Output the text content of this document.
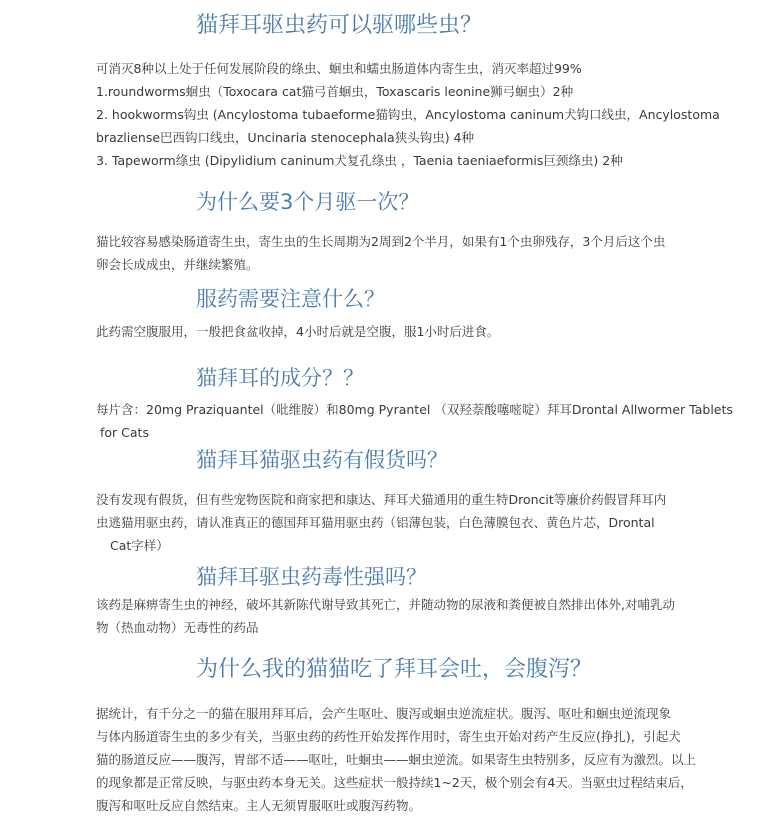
猫拜耳驱虫药可以驱哪些虫？
可消灭8种以上处于任何发展阶段的绦虫、蛔虫和蠕虫肠道体内寄生虫，消灭率超过99%
1.roundworms蛔虫（Toxocara cat猫弓首蛔虫，Toxascaris leonine狮弓蛔虫）2种
2. hookworms钩虫 (Ancylostoma tubaeforme猫钩虫，Ancylostoma caninum犬钩口线虫，Ancylostoma
brazliense巴西钩口线虫，Uncinaria stenocephala狭头钩虫) 4种
3. Tapeworm绦虫 (Dipylidium caninum犬复孔绦虫 ，Taenia taeniaeformis巨颈绦虫) 2种
为什么要3个月驱一次？
猫比较容易感染肠道寄生虫，寄生虫的生长周期为2周到2个半月，如果有1个虫卵残存，3个月后这个虫
卵会长成成虫，并继续繁殖。
服药需要注意什么？
此药需空腹服用，一般把食盆收掉，4小时后就是空腹，服1小时后进食。
猫拜耳的成分？？
每片含：20mg Praziquantel（吡维胺）和80mg Pyrantel （双羟萘酸噻嘧啶）拜耳Drontal Allwormer Tablets
for Cats
猫拜耳猫驱虫药有假货吗？
没有发现有假货，但有些宠物医院和商家把和康达、拜耳犬猫通用的重生特Droncit等廉价药假冒拜耳内
虫逃猫用驱虫药，请认准真正的德国拜耳猫用驱虫药（铝薄包装，白色薄膜包衣、黄色片芯，Drontal
Cat字样）
猫拜耳驱虫药毒性强吗？
该药是麻痹寄生虫的神经，破坏其新陈代谢导致其死亡，并随动物的尿液和粪便被自然排出体外,对哺乳动
物（热血动物）无毒性的药品
为什么我的猫猫吃了拜耳会吐，会腹泻？
据统计，有千分之一的猫在服用拜耳后，会产生呕吐、腹泻或蛔虫逆流症状。腹泻、呕吐和蛔虫逆流现象
与体内肠道寄生虫的多少有关，当驱虫药的药性开始发挥作用时，寄生虫开始对药产生反应(挣扎)，引起犬
猫的肠道反应——腹泻，胃部不适——呕吐，吐蛔虫——蛔虫逆流。如果寄生虫特别多，反应有为激烈。以上
的现象都是正常反映，与驱虫药本身无关。这些症状一般持续1~2天，极个别会有4天。当驱虫过程结束后，
腹泻和呕吐反应自然结束。主人无须胃服呕吐或腹泻药物。
